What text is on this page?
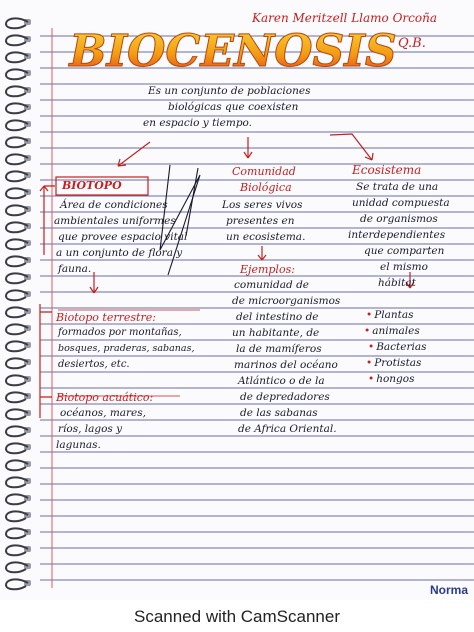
BIOCENOSIS
Karen Meritzell Llamo Orcoña
Q.B.
Es un conjunto de poblaciones
biológicas que coexisten
en espacio y tiempo.
BIOTOPO
Área de condiciones
ambientales uniformes
que provee espacio vital
a un conjunto de flora y
fauna.
Comunidad
Biológica
Los seres vivos
presentes en
un ecosistema.
Ejemplos:
comunidad de
de microorganismos
del intestino de
un habitante, de
la de mamíferos
marinos del océano
Atlántico o de la
de depredadores
de las sabanas
de Africa Oriental.
Ecosistema
Se trata de una
unidad compuesta
de organismos
interdependientes
que comparten
el mismo
hábitat
• Plantas
• animales
• Bacterias
• Protistas
• hongos
Biotopo terrestre:
formados por montañas,
bosques, praderas, sabanas,
desiertos, etc.
Biotopo acuático:
océanos, mares,
ríos, lagos y
lagunas.
Norma
Scanned with CamScanner
